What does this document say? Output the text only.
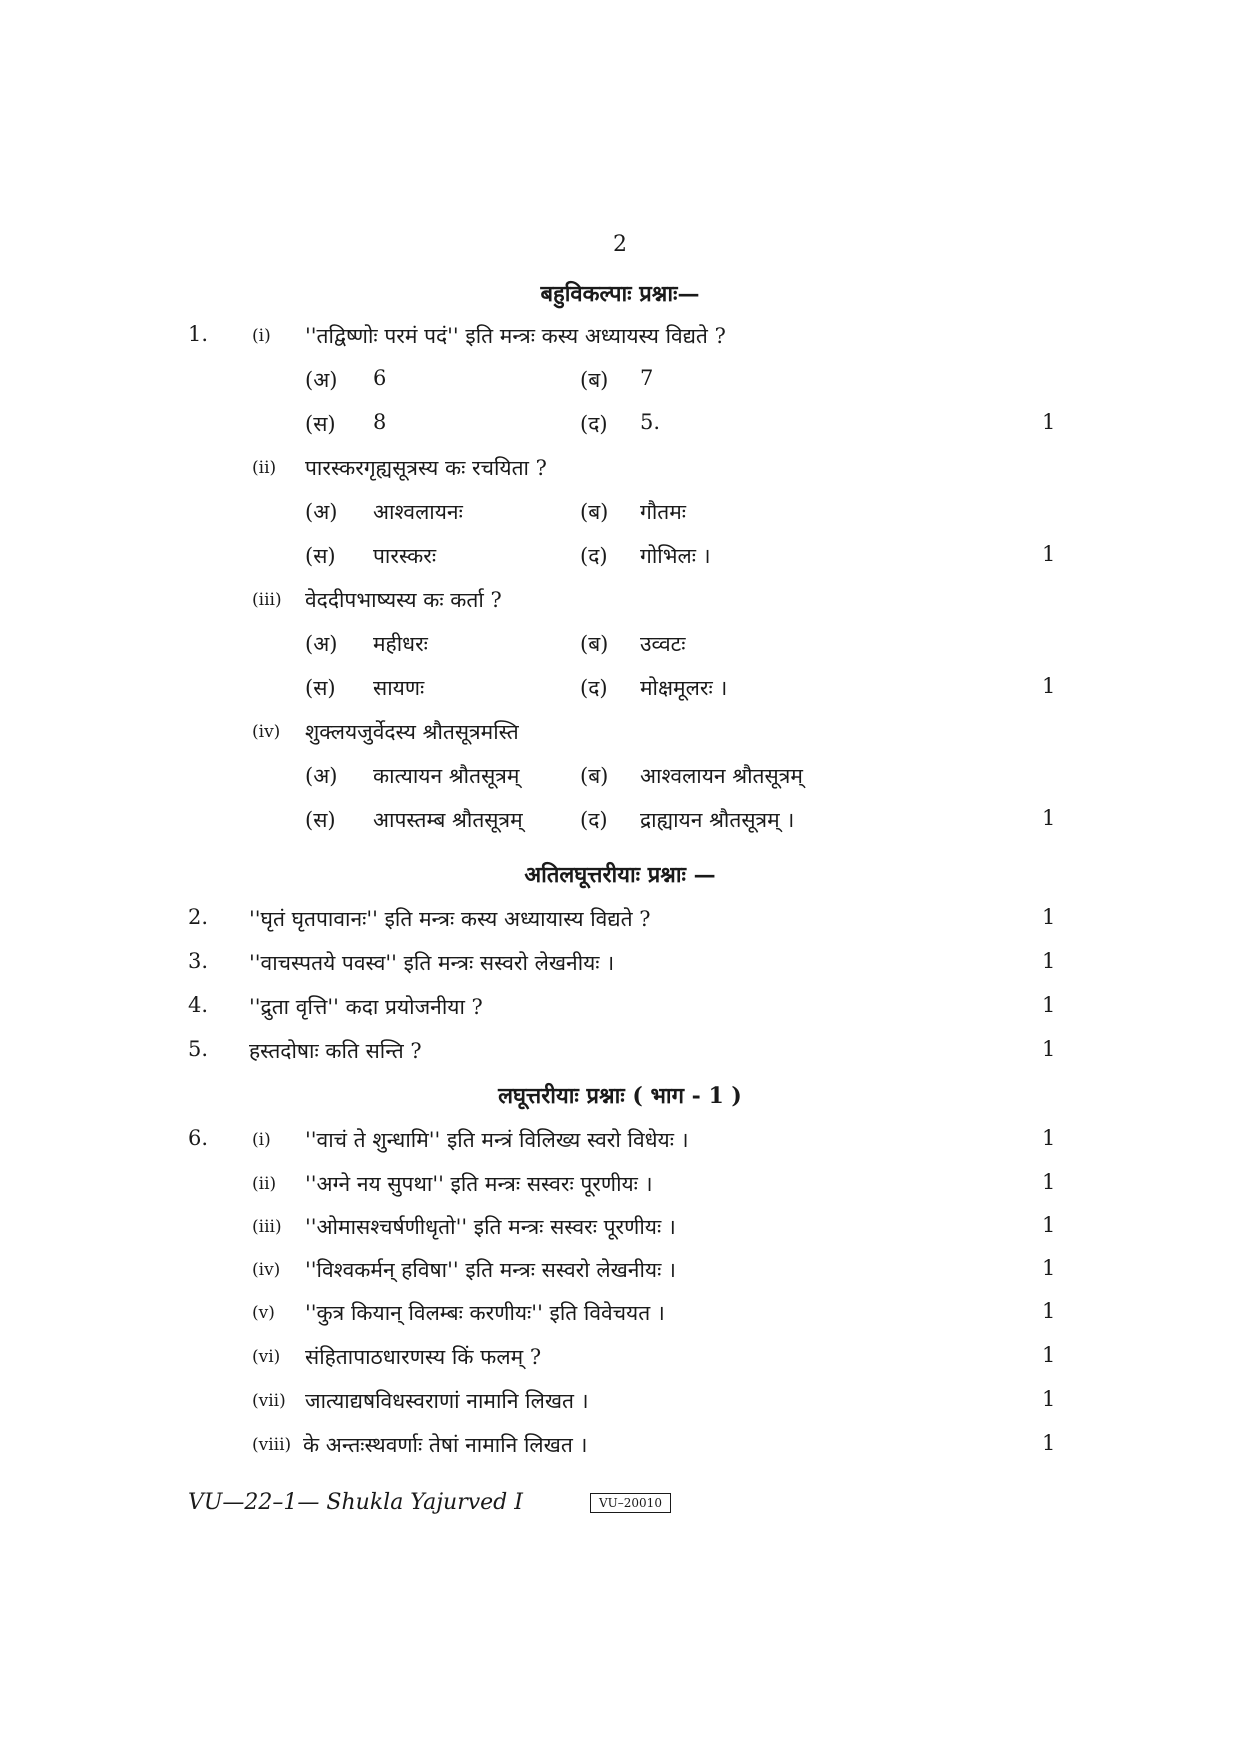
2
बहुविकल्पाः प्रश्नाः—
1.	(i) ''तद्विष्णोः परमं पदं'' इति मन्त्रः कस्य अध्यायस्य विद्यते ?
(अ) 6	(ब) 7
(स) 8	(द) 5.	1
(ii) पारस्करगृह्यसूत्रस्य कः रचयिता ?
(अ) आश्वलायनः	(ब) गौतमः
(स) पारस्करः	(द) गोभिलः ।	1
(iii) वेददीपभाष्यस्य कः कर्ता ?
(अ) महीधरः	(ब) उव्वटः
(स) सायणः	(द) मोक्षमूलरः ।	1
(iv) शुक्लयजुर्वेदस्य श्रौतसूत्रमस्ति
(अ) कात्यायन श्रौतसूत्रम्	(ब) आश्वलायन श्रौतसूत्रम्
(स) आपस्तम्ब श्रौतसूत्रम्	(द) द्राह्यायन श्रौतसूत्रम् ।	1
अतिलघूत्तरीयाः प्रश्नाः —
2. ''घृतं घृतपावानः'' इति मन्त्रः कस्य अध्यायास्य विद्यते ?	1
3. ''वाचस्पतये पवस्व'' इति मन्त्रः सस्वरो लेखनीयः ।	1
4. ''द्रुता वृत्ति'' कदा प्रयोजनीया ?	1
5. हस्तदोषाः कति सन्ति ?	1
लघूत्तरीयाः प्रश्नाः ( भाग - 1 )
6.	(i) ''वाचं ते शुन्धामि'' इति मन्त्रं विलिख्य स्वरो विधेयः ।	1
(ii) ''अग्ने नय सुपथा'' इति मन्त्रः सस्वरः पूरणीयः ।	1
(iii) ''ओमासश्चर्षणीधृतो'' इति मन्त्रः सस्वरः पूरणीयः ।	1
(iv) ''विश्वकर्मन् हविषा'' इति मन्त्रः सस्वरो लेखनीयः ।	1
(v) ''कुत्र कियान् विलम्बः करणीयः'' इति विवेचयत ।	1
(vi) संहितापाठधारणस्य किं फलम् ?	1
(vii) जात्याद्यषविधस्वराणां नामानि लिखत ।	1
(viii) के अन्तःस्थवर्णाः तेषां नामानि लिखत ।	1
VU—22–1— Shukla Yajurved I	VU–20010
